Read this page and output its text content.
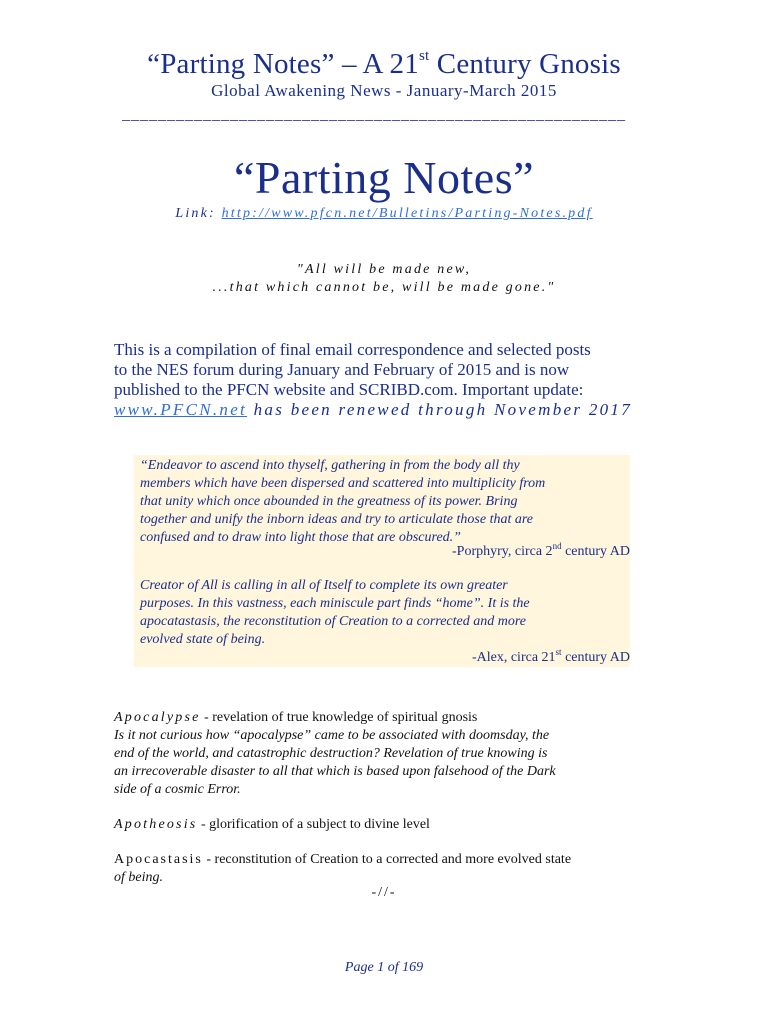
“Parting Notes” – A 21st Century Gnosis
Global Awakening News - January-March 2015
________________________________________________________
“Parting Notes”
Link: http://www.pfcn.net/Bulletins/Parting-Notes.pdf
"All will be made new,
...that which cannot be, will be made gone."

This is a compilation of final email correspondence and selected posts

to the NES forum during January and February of 2015 and is now

published to the PFCN website and SCRIBD.com. Important update:

www.PFCN.net has been renewed through November 2017

“Endeavor to ascend into thyself, gathering in from the body all thy
members which have been dispersed and scattered into multiplicity from
that unity which once abounded in the greatness of its power. Bring
together and unify the inborn ideas and try to articulate those that are
confused and to draw into light those that are obscured.”
-Porphyry, circa 2nd century AD
Creator of All is calling in all of Itself to complete its own greater
purposes. In this vastness, each miniscule part finds “home”. It is the
apocatastasis, the reconstitution of Creation to a corrected and more
evolved state of being.
-Alex, circa 21st century AD
Apocalypse - revelation of true knowledge of spiritual gnosis
Is it not curious how “apocalypse” came to be associated with doomsday, the
end of the world, and catastrophic destruction? Revelation of true knowing is
an irrecoverable disaster to all that which is based upon falsehood of the Dark
side of a cosmic Error.
Apotheosis - glorification of a subject to divine level
Apocastasis - reconstitution of Creation to a corrected and more evolved state
of being.
-//-
Page 1 of 169
